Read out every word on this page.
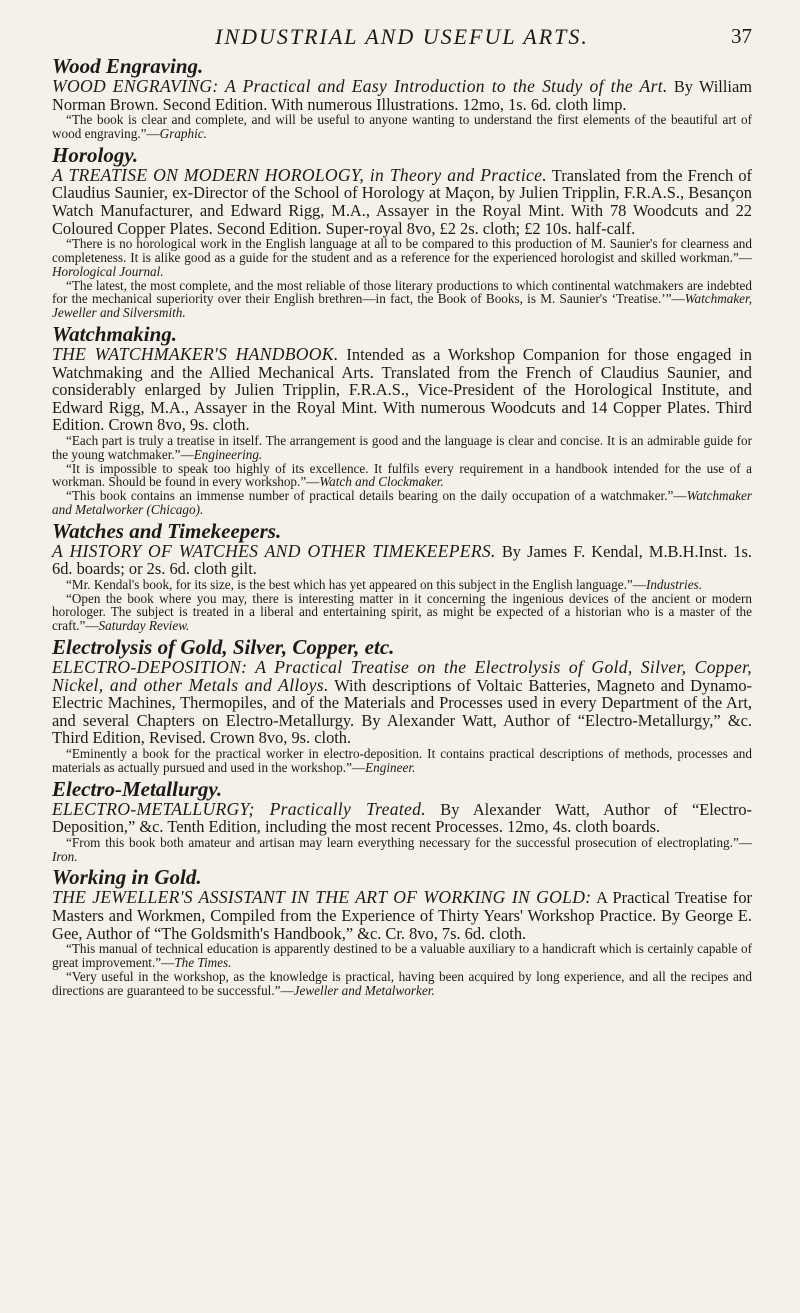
INDUSTRIAL AND USEFUL ARTS.	37
Wood Engraving.
WOOD ENGRAVING: A Practical and Easy Introduction to the Study of the Art. By William Norman Brown. Second Edition. With numerous Illustrations. 12mo, 1s. 6d. cloth limp.
“The book is clear and complete, and will be useful to anyone wanting to understand the first elements of the beautiful art of wood engraving.”—Graphic.
Horology.
A TREATISE ON MODERN HOROLOGY, in Theory and Practice. Translated from the French of Claudius Saunier, ex-Director of the School of Horology at Maçon, by Julien Tripplin, F.R.A.S., Besançon Watch Manufacturer, and Edward Rigg, M.A., Assayer in the Royal Mint. With 78 Woodcuts and 22 Coloured Copper Plates. Second Edition. Super-royal 8vo, £2 2s. cloth; £2 10s. half-calf.
“There is no horological work in the English language at all to be compared to this production of M. Saunier's for clearness and completeness. It is alike good as a guide for the student and as a reference for the experienced horologist and skilled workman.”—Horological Journal.
“The latest, the most complete, and the most reliable of those literary productions to which continental watchmakers are indebted for the mechanical superiority over their English brethren—in fact, the Book of Books, is M. Saunier's ‘Treatise.’”—Watchmaker, Jeweller and Silversmith.
Watchmaking.
THE WATCHMAKER'S HANDBOOK. Intended as a Workshop Companion for those engaged in Watchmaking and the Allied Mechanical Arts. Translated from the French of Claudius Saunier, and considerably enlarged by Julien Tripplin, F.R.A.S., Vice-President of the Horological Institute, and Edward Rigg, M.A., Assayer in the Royal Mint. With numerous Woodcuts and 14 Copper Plates. Third Edition. Crown 8vo, 9s. cloth.
“Each part is truly a treatise in itself. The arrangement is good and the language is clear and concise. It is an admirable guide for the young watchmaker.”—Engineering.
“It is impossible to speak too highly of its excellence. It fulfils every requirement in a handbook intended for the use of a workman. Should be found in every workshop.”—Watch and Clockmaker.
“This book contains an immense number of practical details bearing on the daily occupation of a watchmaker.”—Watchmaker and Metalworker (Chicago).
Watches and Timekeepers.
A HISTORY OF WATCHES AND OTHER TIMEKEEPERS. By James F. Kendal, M.B.H.Inst. 1s. 6d. boards; or 2s. 6d. cloth gilt.
“Mr. Kendal's book, for its size, is the best which has yet appeared on this subject in the English language.”—Industries.
“Open the book where you may, there is interesting matter in it concerning the ingenious devices of the ancient or modern horologer. The subject is treated in a liberal and entertaining spirit, as might be expected of a historian who is a master of the craft.”—Saturday Review.
Electrolysis of Gold, Silver, Copper, etc.
ELECTRO-DEPOSITION: A Practical Treatise on the Electrolysis of Gold, Silver, Copper, Nickel, and other Metals and Alloys. With descriptions of Voltaic Batteries, Magneto and Dynamo-Electric Machines, Thermopiles, and of the Materials and Processes used in every Department of the Art, and several Chapters on Electro-Metallurgy. By Alexander Watt, Author of “Electro-Metallurgy,” &c. Third Edition, Revised. Crown 8vo, 9s. cloth.
“Eminently a book for the practical worker in electro-deposition. It contains practical descriptions of methods, processes and materials as actually pursued and used in the workshop.”—Engineer.
Electro-Metallurgy.
ELECTRO-METALLURGY; Practically Treated. By Alexander Watt, Author of “Electro-Deposition,” &c. Tenth Edition, including the most recent Processes. 12mo, 4s. cloth boards.
“From this book both amateur and artisan may learn everything necessary for the successful prosecution of electroplating.”—Iron.
Working in Gold.
THE JEWELLER'S ASSISTANT IN THE ART OF WORKING IN GOLD: A Practical Treatise for Masters and Workmen, Compiled from the Experience of Thirty Years' Workshop Practice. By George E. Gee, Author of “The Goldsmith's Handbook,” &c. Cr. 8vo, 7s. 6d. cloth.
“This manual of technical education is apparently destined to be a valuable auxiliary to a handicraft which is certainly capable of great improvement.”—The Times.
“Very useful in the workshop, as the knowledge is practical, having been acquired by long experience, and all the recipes and directions are guaranteed to be successful.”—Jeweller and Metalworker.
